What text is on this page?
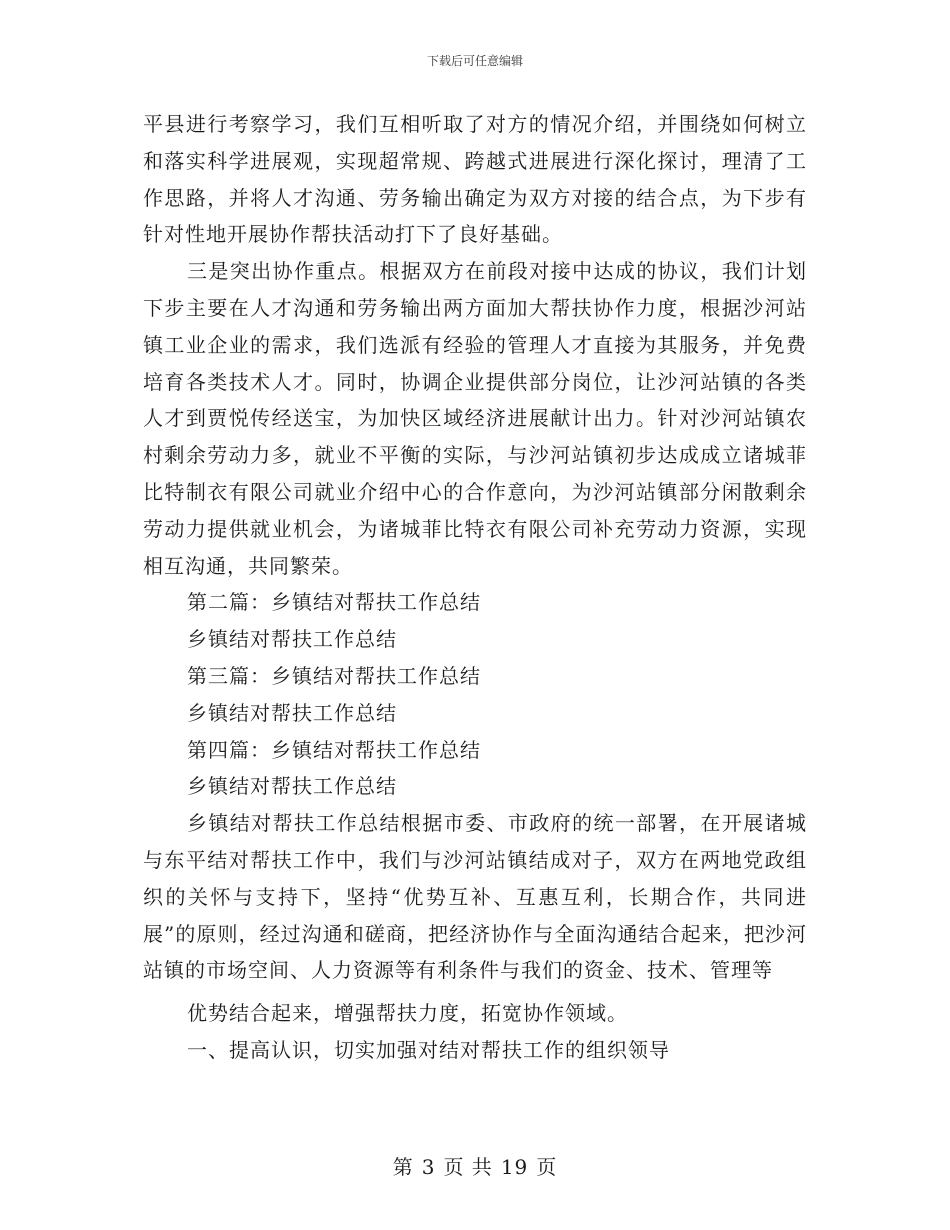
下载后可任意编辑

平县进行考察学习，我们互相听取了对方的情况介绍，并围绕如何树立和落实科学进展观，实现超常规、跨越式进展进行深化探讨，理清了工作思路，并将人才沟通、劳务输出确定为双方对接的结合点，为下步有针对性地开展协作帮扶活动打下了良好基础。

三是突出协作重点。根据双方在前段对接中达成的协议，我们计划下步主要在人才沟通和劳务输出两方面加大帮扶协作力度，根据沙河站镇工业企业的需求，我们选派有经验的管理人才直接为其服务，并免费培育各类技术人才。同时，协调企业提供部分岗位，让沙河站镇的各类人才到贾悦传经送宝，为加快区域经济进展献计出力。针对沙河站镇农村剩余劳动力多，就业不平衡的实际，与沙河站镇初步达成成立诸城菲比特制衣有限公司就业介绍中心的合作意向，为沙河站镇部分闲散剩余劳动力提供就业机会，为诸城菲比特衣有限公司补充劳动力资源，实现相互沟通，共同繁荣。

第二篇：乡镇结对帮扶工作总结

乡镇结对帮扶工作总结

第三篇：乡镇结对帮扶工作总结

乡镇结对帮扶工作总结

第四篇：乡镇结对帮扶工作总结

乡镇结对帮扶工作总结

乡镇结对帮扶工作总结根据市委、市政府的统一部署，在开展诸城与东平结对帮扶工作中，我们与沙河站镇结成对子，双方在两地党政组织的关怀与支持下，坚持“优势互补、互惠互利，长期合作，共同进展”的原则，经过沟通和磋商，把经济协作与全面沟通结合起来，把沙河站镇的市场空间、人力资源等有利条件与我们的资金、技术、管理等

优势结合起来，增强帮扶力度，拓宽协作领域。

一、提高认识，切实加强对结对帮扶工作的组织领导

第 3 页 共 19 页
